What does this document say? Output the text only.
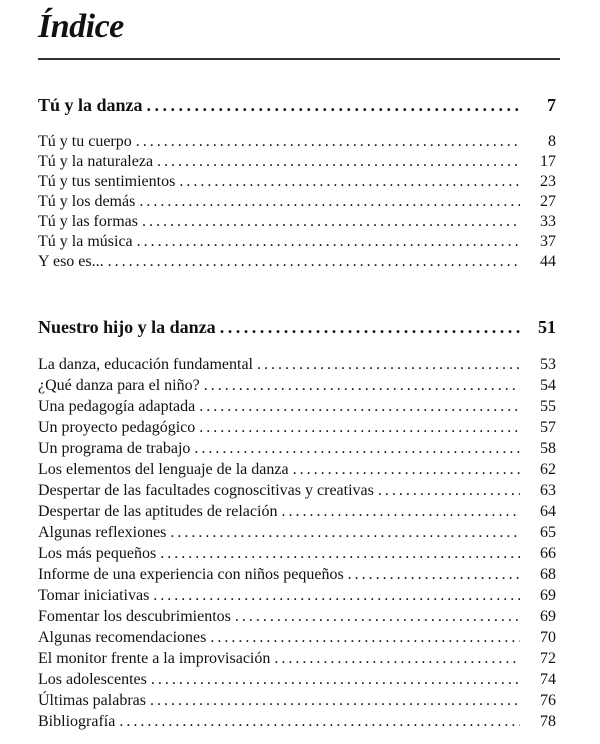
Índice
Tú y la danza . . .	7
Tú y tu cuerpo . . .	8
Tú y la naturaleza . . .	17
Tú y tus sentimientos . . .	23
Tú y los demás . . .	27
Tú y las formas . . .	33
Tú y la música . . .	37
Y eso es... . . .	44
Nuestro hijo y la danza . . .	51
La danza, educación fundamental . . .	53
¿Qué danza para el niño? . . .	54
Una pedagogía adaptada . . .	55
Un proyecto pedagógico . . .	57
Un programa de trabajo . . .	58
Los elementos del lenguaje de la danza . . .	62
Despertar de las facultades cognoscitivas y creativas . . .	63
Despertar de las aptitudes de relación . . .	64
Algunas reflexiones . . .	65
Los más pequeños . . .	66
Informe de una experiencia con niños pequeños . . .	68
Tomar iniciativas . . .	69
Fomentar los descubrimientos . . .	69
Algunas recomendaciones . . .	70
El monitor frente a la improvisación . . .	72
Los adolescentes . . .	74
Últimas palabras . . .	76
Bibliografía . . .	78
